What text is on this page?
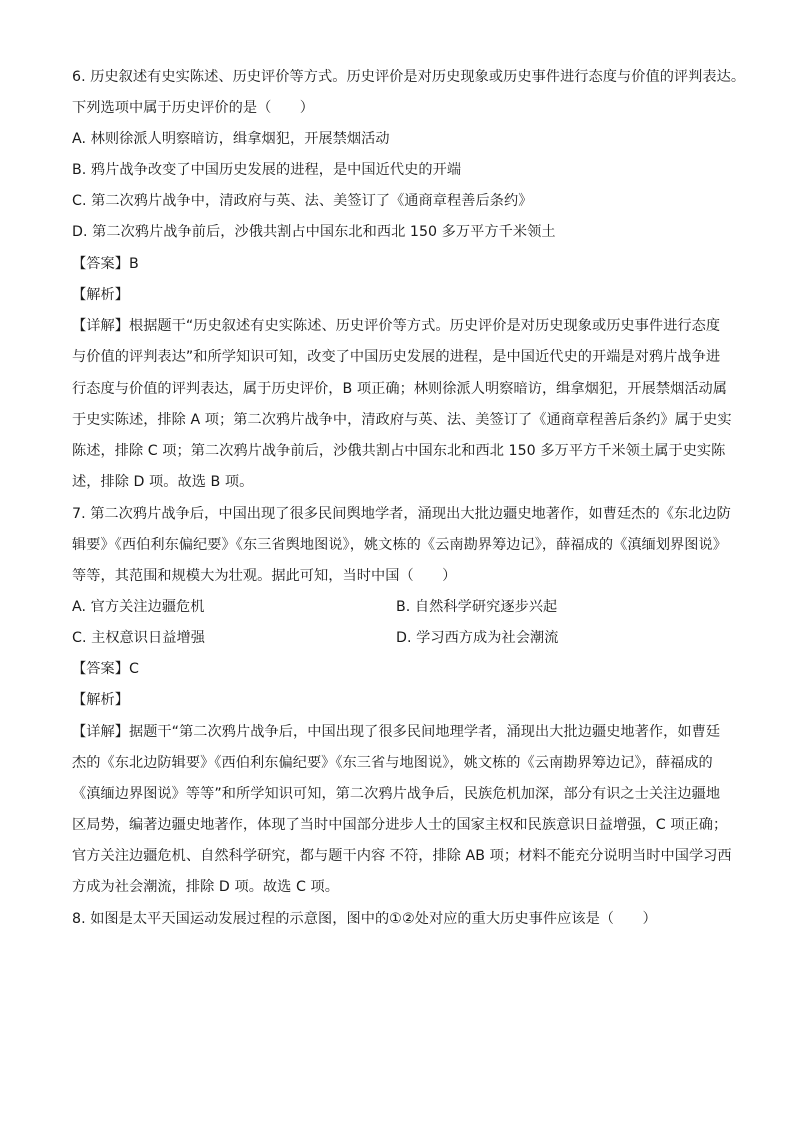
6. 历史叙述有史实陈述、历史评价等方式。历史评价是对历史现象或历史事件进行态度与价值的评判表达。
下列选项中属于历史评价的是（　　）
A. 林则徐派人明察暗访，缉拿烟犯，开展禁烟活动
B. 鸦片战争改变了中国历史发展的进程，是中国近代史的开端
C. 第二次鸦片战争中，清政府与英、法、美签订了《通商章程善后条约》
D. 第二次鸦片战争前后，沙俄共割占中国东北和西北 150 多万平方千米领土
【答案】B
【解析】
【详解】根据题干“历史叙述有史实陈述、历史评价等方式。历史评价是对历史现象或历史事件进行态度
与价值的评判表达”和所学知识可知，改变了中国历史发展的进程，是中国近代史的开端是对鸦片战争进
行态度与价值的评判表达，属于历史评价，B 项正确；林则徐派人明察暗访，缉拿烟犯，开展禁烟活动属
于史实陈述，排除 A 项；第二次鸦片战争中，清政府与英、法、美签订了《通商章程善后条约》属于史实
陈述，排除 C 项；第二次鸦片战争前后，沙俄共割占中国东北和西北 150 多万平方千米领土属于史实陈
述，排除 D 项。故选 B 项。
7. 第二次鸦片战争后，中国出现了很多民间舆地学者，涌现出大批边疆史地著作，如曹廷杰的《东北边防
辑要》《西伯利东偏纪要》《东三省舆地图说》，姚文栋的《云南勘界筹边记》，薛福成的《滇缅划界图说》
等等，其范围和规模大为壮观。据此可知，当时中国（　　）
A. 官方关注边疆危机	B. 自然科学研究逐步兴起
C. 主权意识日益增强	D. 学习西方成为社会潮流
【答案】C
【解析】
【详解】据题干“第二次鸦片战争后，中国出现了很多民间地理学者，涌现出大批边疆史地著作，如曹廷
杰的《东北边防辑要》《西伯利东偏纪要》《东三省与地图说》，姚文栋的《云南勘界筹边记》，薛福成的
《滇缅边界图说》等等”和所学知识可知，第二次鸦片战争后，民族危机加深，部分有识之士关注边疆地
区局势，编著边疆史地著作，体现了当时中国部分进步人士的国家主权和民族意识日益增强，C 项正确；
官方关注边疆危机、自然科学研究，都与题干内容 不符，排除 AB 项；材料不能充分说明当时中国学习西
方成为社会潮流，排除 D 项。故选 C 项。
8. 如图是太平天国运动发展过程的示意图，图中的①②处对应的重大历史事件应该是（　　）
